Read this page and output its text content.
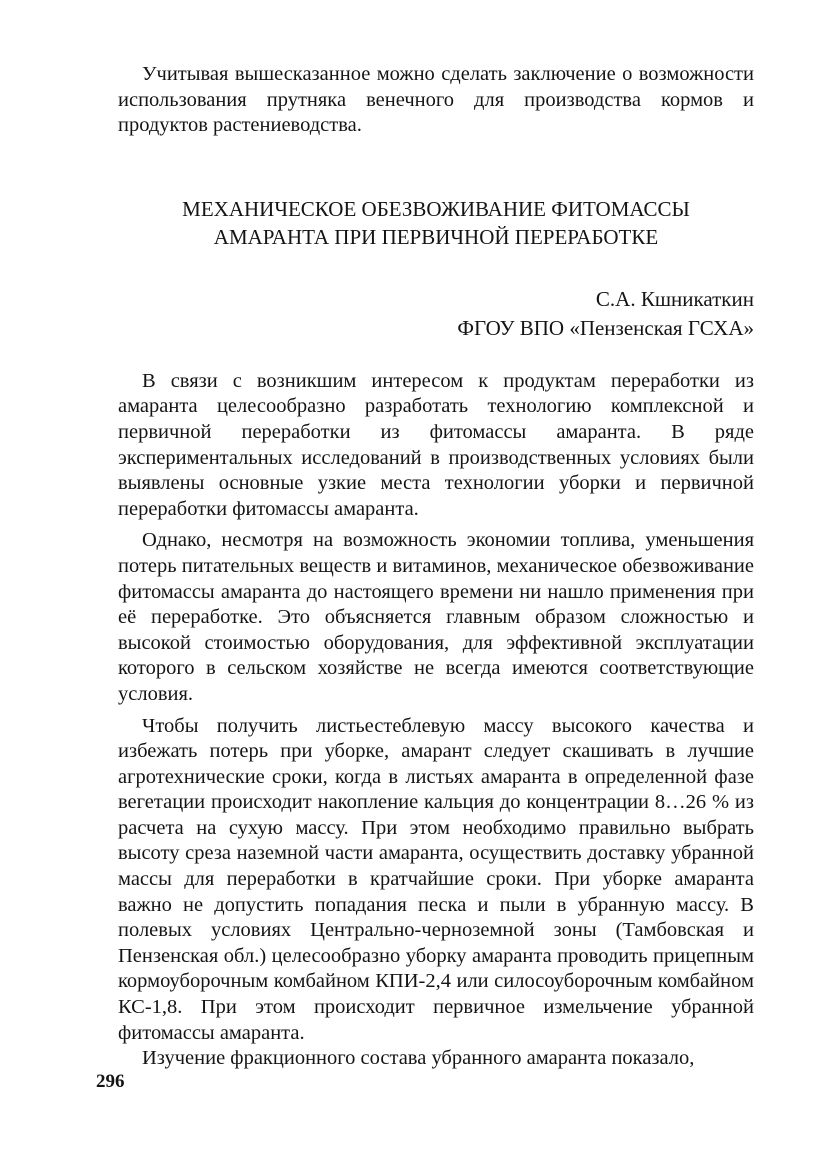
Учитывая вышесказанное можно сделать заключение о возможности использования прутняка венечного для производства кормов и продуктов растениеводства.

МЕХАНИЧЕСКОЕ ОБЕЗВОЖИВАНИЕ ФИТОМАССЫ
АМАРАНТА ПРИ ПЕРВИЧНОЙ ПЕРЕРАБОТКЕ
С.А. Кшникаткин
ФГОУ ВПО «Пензенская ГСХА»

В связи с возникшим интересом к продуктам переработки из амаранта целесообразно разработать технологию комплексной и первичной переработки из фитомассы амаранта. В ряде экспериментальных исследований в производственных условиях были выявлены основные узкие места технологии уборки и первичной переработки фитомассы амаранта.

Однако, несмотря на возможность экономии топлива, уменьшения потерь питательных веществ и витаминов, механическое обезвоживание фитомассы амаранта до настоящего времени ни нашло применения при её переработке. Это объясняется главным образом сложностью и высокой стоимостью оборудования, для эффективной эксплуатации которого в сельском хозяйстве не всегда имеются соответствующие условия.

Чтобы получить листьестеблевую массу высокого качества и избежать потерь при уборке, амарант следует скашивать в лучшие агротехнические сроки, когда в листьях амаранта в определенной фазе вегетации происходит накопление кальция до концентрации 8…26 % из расчета на сухую массу. При этом необходимо правильно выбрать высоту среза наземной части амаранта, осуществить доставку убранной массы для переработки в кратчайшие сроки. При уборке амаранта важно не допустить попадания песка и пыли в убранную массу. В полевых условиях Центрально-черноземной зоны (Тамбовская и Пензенская обл.) целесообразно уборку амаранта проводить прицепным кормоуборочным комбайном КПИ-2,4 или силосоуборочным комбайном КС-1,8. При этом происходит первичное измельчение убранной фитомассы амаранта.

Изучение фракционного состава убранного амаранта показало,

296
